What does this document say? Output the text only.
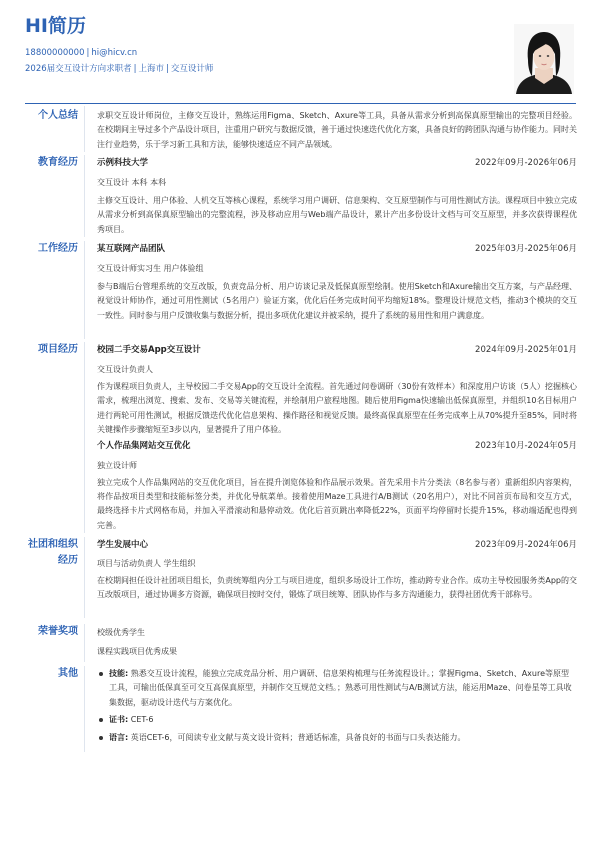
HI简历
18800000000 | hi@hicv.cn
2026届交互设计方向求职者 | 上海市 | 交互设计师
个人总结 求职交互设计师岗位，主修交互设计，熟练运用Figma、Sketch、Axure等工具，具备从需求分析到高保真原型输出的完整项目经验。在校期间主导过多个产品设计项目，注重用户研究与数据反馈，善于通过快速迭代优化方案，具备良好的跨团队沟通与协作能力。同时关注行业趋势，乐于学习新工具和方法，能够快速适应不同产品领域。
教育经历 示例科技大学	2022年09月-2026年06月
交互设计 本科 本科
主修交互设计、用户体验、人机交互等核心课程，系统学习用户调研、信息架构、交互原型制作与可用性测试方法。课程项目中独立完成从需求分析到高保真原型输出的完整流程，涉及移动应用与Web端产品设计，累计产出多份设计文档与可交互原型，并多次获得课程优秀项目。
工作经历 某互联网产品团队	2025年03月-2025年06月
交互设计师实习生 用户体验组
参与B端后台管理系统的交互改版，负责竞品分析、用户访谈记录及低保真原型绘制。使用Sketch和Axure输出交互方案，与产品经理、视觉设计师协作，通过可用性测试（5名用户）验证方案，优化后任务完成时间平均缩短18%。整理设计规范文档，推动3个模块的交互一致性。同时参与用户反馈收集与数据分析，提出多项优化建议并被采纳，提升了系统的易用性和用户满意度。
项目经历 校园二手交易App交互设计	2024年09月-2025年01月
交互设计负责人
作为课程项目负责人，主导校园二手交易App的交互设计全流程。首先通过问卷调研（30份有效样本）和深度用户访谈（5人）挖掘核心需求，梳理出浏览、搜索、发布、交易等关键流程，并绘制用户旅程地图。随后使用Figma快速输出低保真原型，并组织10名目标用户进行两轮可用性测试，根据反馈迭代优化信息架构、操作路径和视觉反馈。最终高保真原型在任务完成率上从70%提升至85%，同时将关键操作步骤缩短至3步以内，显著提升了用户体验。
个人作品集网站交互优化	2023年10月-2024年05月
独立设计师
独立完成个人作品集网站的交互优化项目，旨在提升浏览体验和作品展示效果。首先采用卡片分类法（8名参与者）重新组织内容架构，将作品按项目类型和技能标签分类，并优化导航菜单。接着使用Maze工具进行A/B测试（20名用户），对比不同首页布局和交互方式，最终选择卡片式网格布局，并加入平滑滚动和悬停动效。优化后首页跳出率降低22%，页面平均停留时长提升15%，移动端适配也得到完善。
社团和组织经历
学生发展中心	2023年09月-2024年06月
项目与活动负责人 学生组织
在校期间担任设计社团项目组长，负责统筹组内分工与项目进度，组织多场设计工作坊，推动跨专业合作。成功主导校园服务类App的交互改版项目，通过协调多方资源，确保项目按时交付，锻炼了项目统筹、团队协作与多方沟通能力，获得社团优秀干部称号。
荣誉奖项 校级优秀学生
课程实践项目优秀成果
其他	技能: 熟悉交互设计流程，能独立完成竞品分析、用户调研、信息架构梳理与任务流程设计。；掌握Figma、Sketch、Axure等原型工具，可输出低保真至可交互高保真原型，并制作交互规范文档。；熟悉可用性测试与A/B测试方法，能运用Maze、问卷星等工具收集数据，驱动设计迭代与方案优化。
证书: CET-6
语言: 英语CET-6，可阅读专业文献与英文设计资料；普通话标准，具备良好的书面与口头表达能力。
